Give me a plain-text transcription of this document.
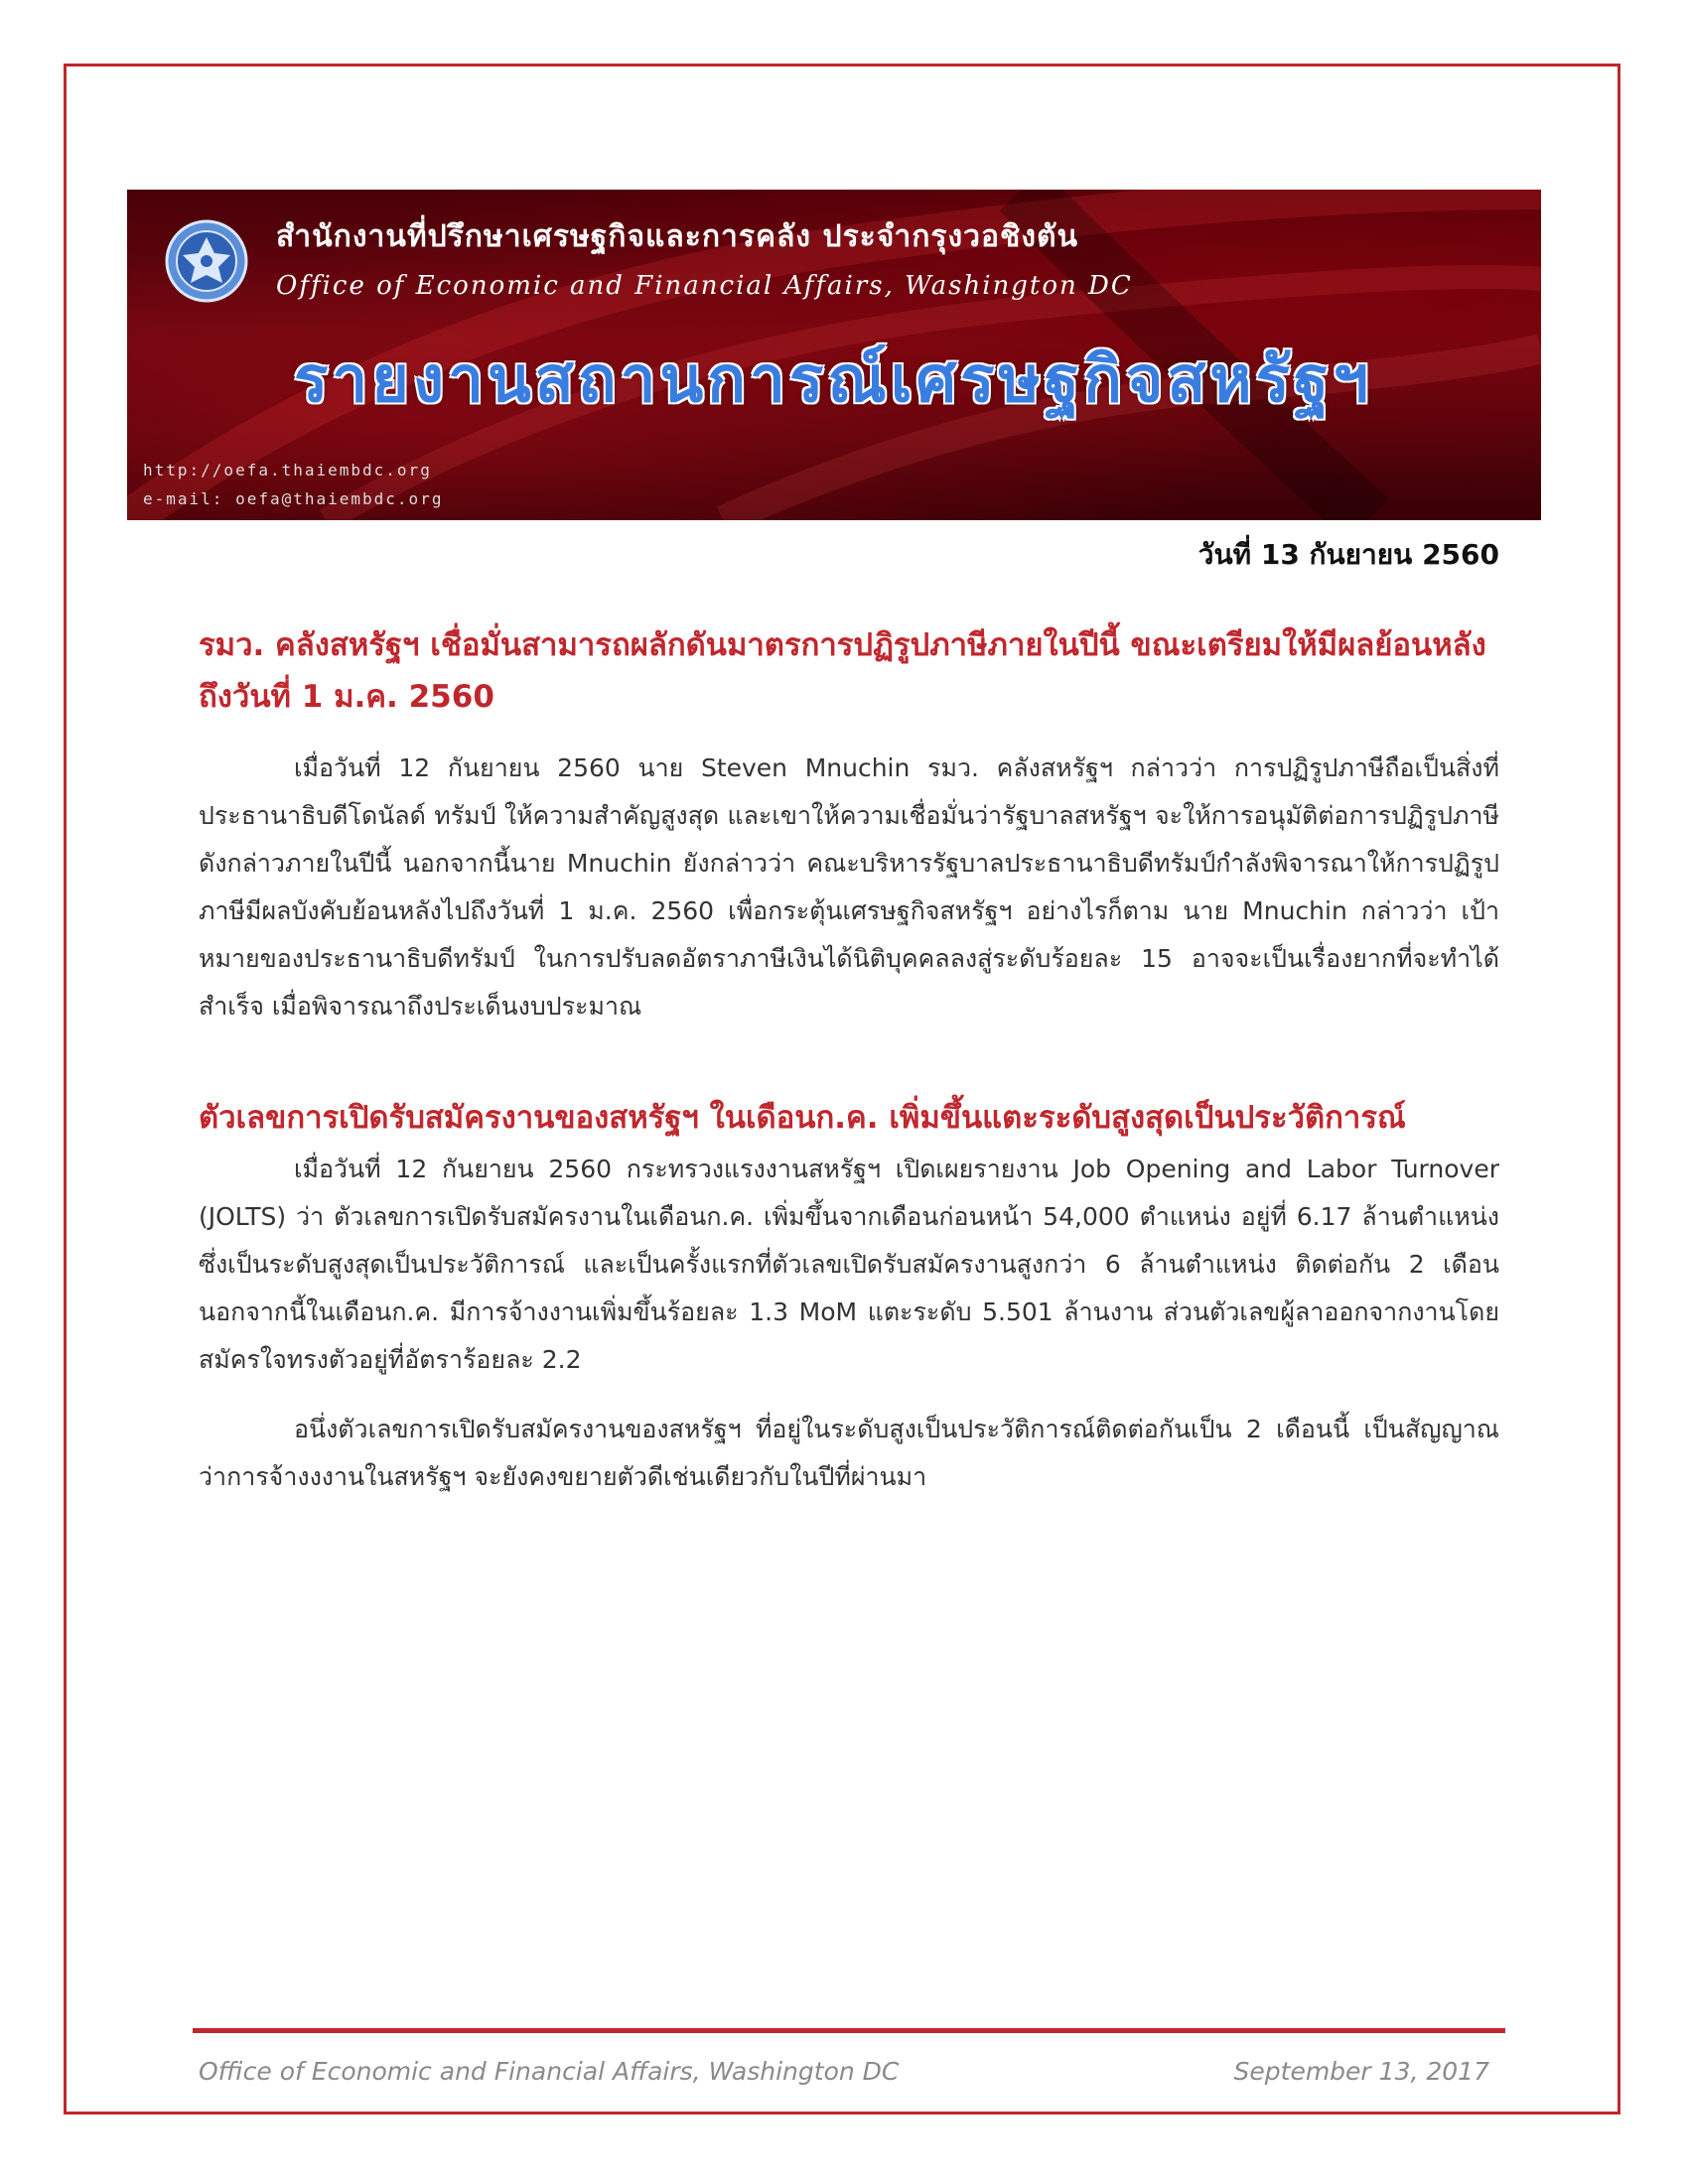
สำนักงานที่ปรึกษาเศรษฐกิจและการคลัง ประจำกรุงวอชิงตัน
Office of Economic and Financial Affairs, Washington DC
รายงานสถานการณ์เศรษฐกิจสหรัฐฯ
http://oefa.thaiembdc.org
e-mail: oefa@thaiembdc.org
วันที่ 13 กันยายน 2560
รมว. คลังสหรัฐฯ เชื่อมั่นสามารถผลักดันมาตรการปฏิรูปภาษีภายในปีนี้ ขณะเตรียมให้มีผลย้อนหลังถึงวันที่ 1 ม.ค. 2560

เมื่อวันที่ 12 กันยายน 2560 นาย Steven Mnuchin รมว. คลังสหรัฐฯ กล่าวว่า การปฏิรูปภาษีถือเป็นสิ่งที่ประธานาธิบดีโดนัลด์ ทรัมป์ ให้ความสำคัญสูงสุด และเขาให้ความเชื่อมั่นว่ารัฐบาลสหรัฐฯ จะให้การอนุมัติต่อการปฏิรูปภาษีดังกล่าวภายในปีนี้ นอกจากนี้นาย Mnuchin ยังกล่าวว่า คณะบริหารรัฐบาลประธานาธิบดีทรัมป์กำลังพิจารณาให้การปฏิรูปภาษีมีผลบังคับย้อนหลังไปถึงวันที่ 1 ม.ค. 2560 เพื่อกระตุ้นเศรษฐกิจสหรัฐฯ อย่างไรก็ตาม นาย Mnuchin กล่าวว่า เป้าหมายของประธานาธิบดีทรัมป์ ในการปรับลดอัตราภาษีเงินได้นิติบุคคลลงสู่ระดับร้อยละ 15 อาจจะเป็นเรื่องยากที่จะทำได้สำเร็จ เมื่อพิจารณาถึงประเด็นงบประมาณ

ตัวเลขการเปิดรับสมัครงานของสหรัฐฯ ในเดือนก.ค. เพิ่มขึ้นแตะระดับสูงสุดเป็นประวัติการณ์

เมื่อวันที่ 12 กันยายน 2560 กระทรวงแรงงานสหรัฐฯ เปิดเผยรายงาน Job Opening and Labor Turnover (JOLTS) ว่า ตัวเลขการเปิดรับสมัครงานในเดือนก.ค. เพิ่มขึ้นจากเดือนก่อนหน้า 54,000 ตำแหน่ง อยู่ที่ 6.17 ล้านตำแหน่ง ซึ่งเป็นระดับสูงสุดเป็นประวัติการณ์ และเป็นครั้งแรกที่ตัวเลขเปิดรับสมัครงานสูงกว่า 6 ล้านตำแหน่ง ติดต่อกัน 2 เดือน นอกจากนี้ในเดือนก.ค. มีการจ้างงานเพิ่มขึ้นร้อยละ 1.3 MoM แตะระดับ 5.501 ล้านงาน ส่วนตัวเลขผู้ลาออกจากงานโดยสมัครใจทรงตัวอยู่ที่อัตราร้อยละ 2.2

อนึ่งตัวเลขการเปิดรับสมัครงานของสหรัฐฯ ที่อยู่ในระดับสูงเป็นประวัติการณ์ติดต่อกันเป็น 2 เดือนนี้ เป็นสัญญาณว่าการจ้างงงานในสหรัฐฯ จะยังคงขยายตัวดีเช่นเดียวกับในปีที่ผ่านมา

Office of Economic and Financial Affairs, Washington DC	September 13, 2017
